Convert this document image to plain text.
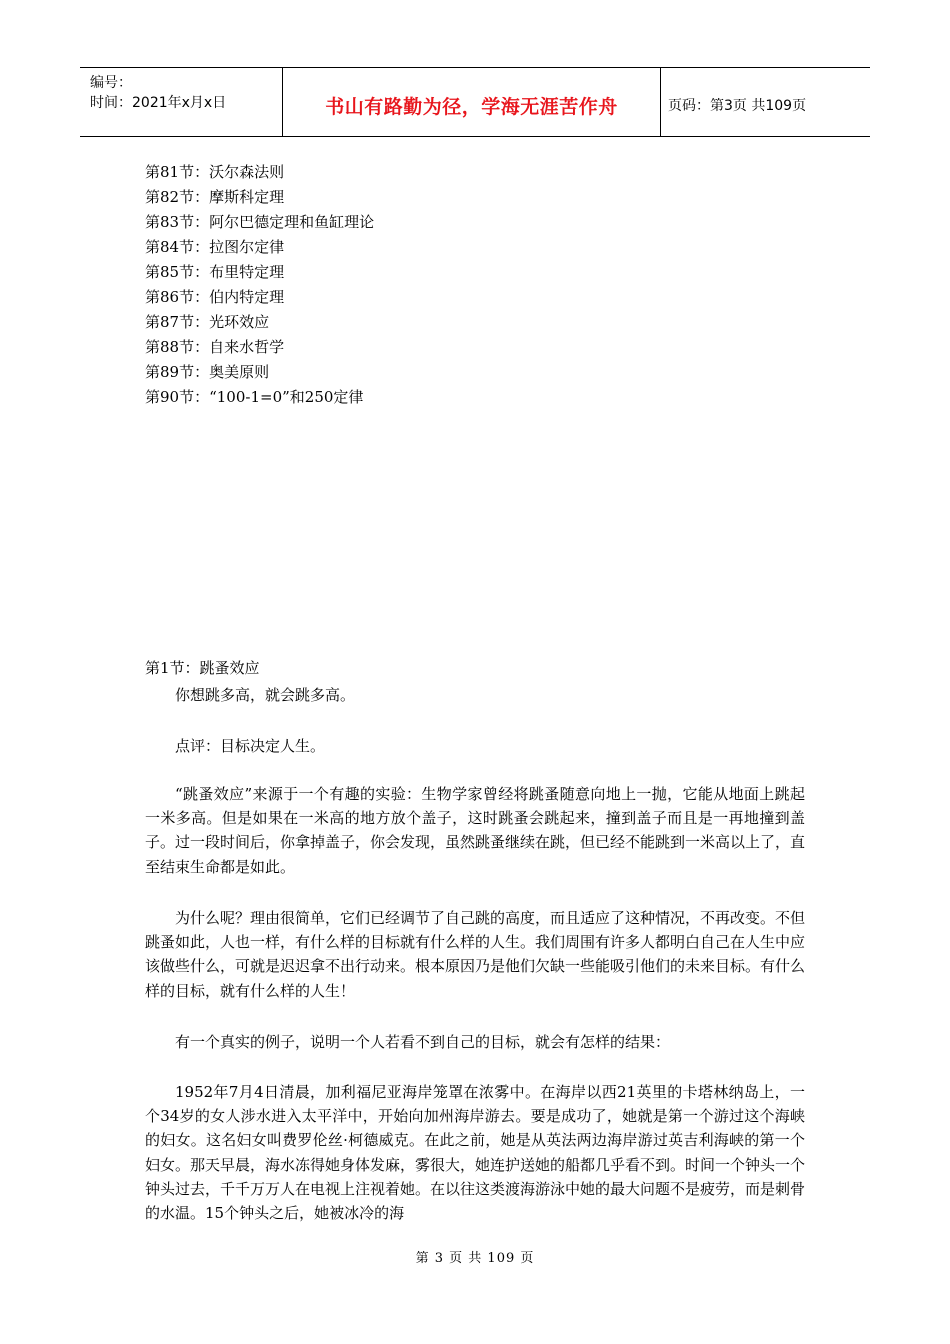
编号：
时间：2021年x月x日	书山有路勤为径，学海无涯苦作舟	页码：第3页 共109页
第81节：沃尔森法则
第82节：摩斯科定理
第83节：阿尔巴德定理和鱼缸理论
第84节：拉图尔定律
第85节：布里特定理
第86节：伯内特定理
第87节：光环效应
第88节：自来水哲学
第89节：奥美原则
第90节：“100-1=0”和250定律
第1节：跳蚤效应
你想跳多高，就会跳多高。
点评：目标决定人生。
“跳蚤效应”来源于一个有趣的实验：生物学家曾经将跳蚤随意向地上一抛，它能从地面上跳起一米多高。但是如果在一米高的地方放个盖子，这时跳蚤会跳起来，撞到盖子而且是一再地撞到盖子。过一段时间后，你拿掉盖子，你会发现，虽然跳蚤继续在跳，但已经不能跳到一米高以上了，直至结束生命都是如此。
为什么呢？理由很简单，它们已经调节了自己跳的高度，而且适应了这种情况，不再改变。不但跳蚤如此，人也一样，有什么样的目标就有什么样的人生。我们周围有许多人都明白自己在人生中应该做些什么，可就是迟迟拿不出行动来。根本原因乃是他们欠缺一些能吸引他们的未来目标。有什么样的目标，就有什么样的人生！
有一个真实的例子，说明一个人若看不到自己的目标，就会有怎样的结果：
1952年7月4日清晨，加利福尼亚海岸笼罩在浓雾中。在海岸以西21英里的卡塔林纳岛上，一个34岁的女人涉水进入太平洋中，开始向加州海岸游去。要是成功了，她就是第一个游过这个海峡的妇女。这名妇女叫费罗伦丝·柯德威克。在此之前，她是从英法两边海岸游过英吉利海峡的第一个妇女。那天早晨，海水冻得她身体发麻，雾很大，她连护送她的船都几乎看不到。时间一个钟头一个钟头过去，千千万万人在电视上注视着她。在以往这类渡海游泳中她的最大问题不是疲劳，而是刺骨的水温。15个钟头之后，她被冰冷的海
第 3 页 共 109 页
